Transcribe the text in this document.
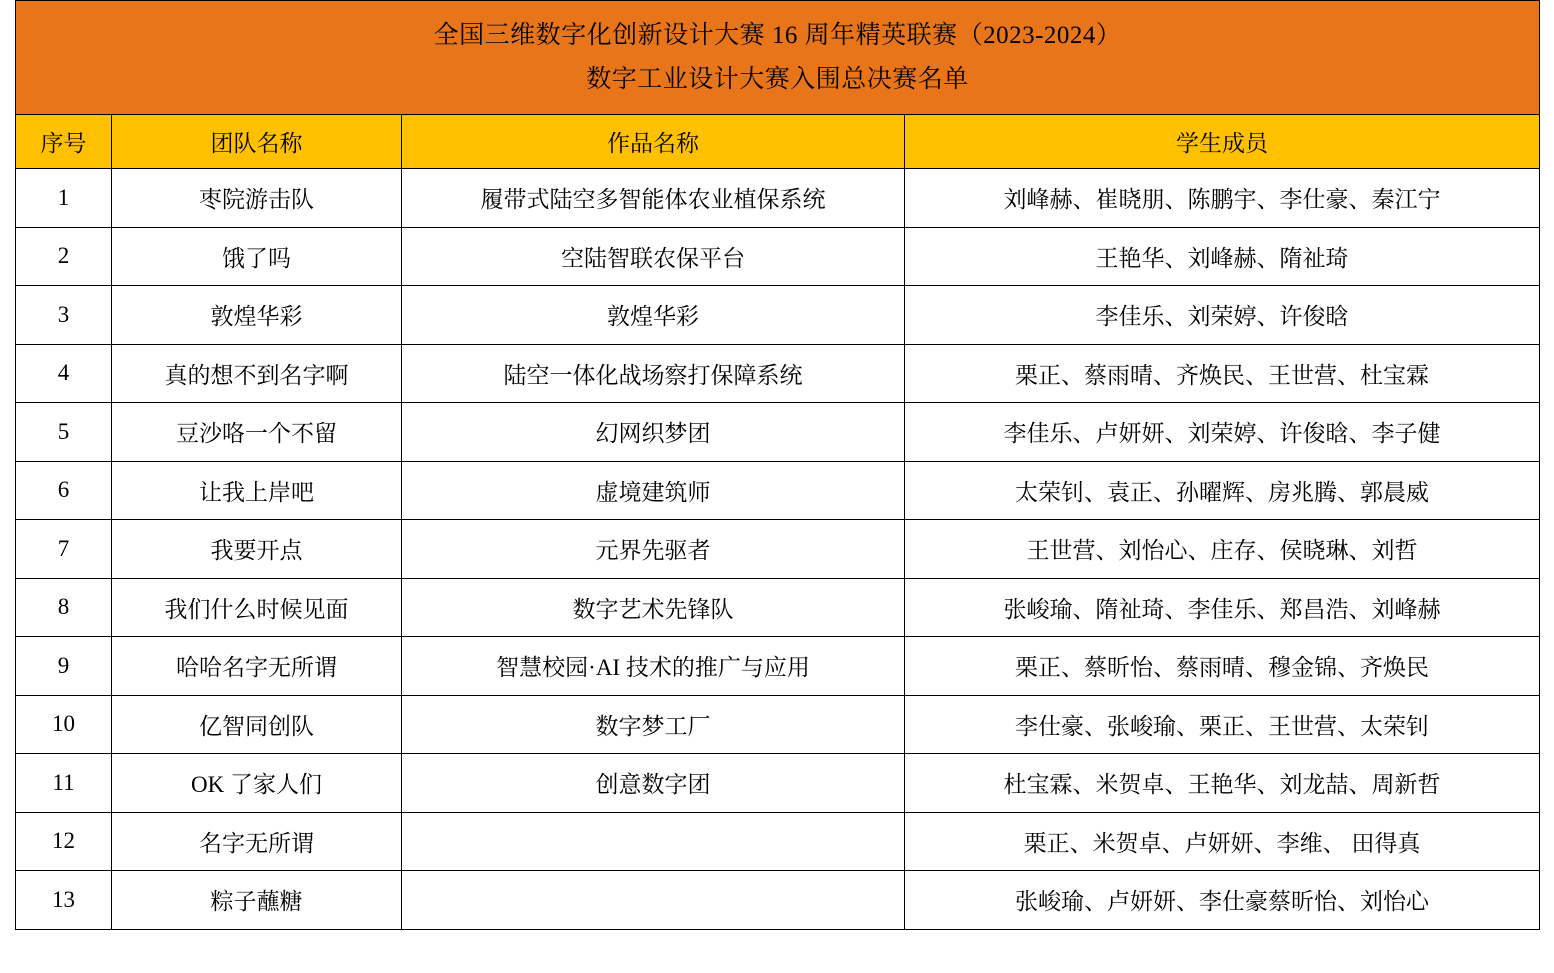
全国三维数字化创新设计大赛 16 周年精英联赛（2023-2024）
数字工业设计大赛入围总决赛名单			

序号	团队名称	作品名称	学生成员
1	枣院游击队	履带式陆空多智能体农业植保系统	刘峰赫、崔晓朋、陈鹏宇、李仕豪、秦江宁
2	饿了吗	空陆智联农保平台	王艳华、刘峰赫、隋祉琦
3	敦煌华彩	敦煌华彩	李佳乐、刘荣婷、许俊晗
4	真的想不到名字啊	陆空一体化战场察打保障系统	栗正、蔡雨晴、齐焕民、王世营、杜宝霖
5	豆沙咯一个不留	幻网织梦团	李佳乐、卢妍妍、刘荣婷、许俊晗、李子健
6	让我上岸吧	虚境建筑师	太荣钊、袁正、孙曜辉、房兆腾、郭晨威
7	我要开点	元界先驱者	王世营、刘怡心、庄存、侯晓琳、刘哲
8	我们什么时候见面	数字艺术先锋队	张峻瑜、隋祉琦、李佳乐、郑昌浩、刘峰赫
9	哈哈名字无所谓	智慧校园·AI 技术的推广与应用	栗正、蔡昕怡、蔡雨晴、穆金锦、齐焕民
10	亿智同创队	数字梦工厂	李仕豪、张峻瑜、栗正、王世营、太荣钊
11	OK 了家人们	创意数字团	杜宝霖、米贺卓、王艳华、刘龙喆、周新哲
12	名字无所谓		栗正、米贺卓、卢妍妍、李维、 田得真
13	粽子蘸糖		张峻瑜、卢妍妍、李仕豪蔡昕怡、刘怡心
